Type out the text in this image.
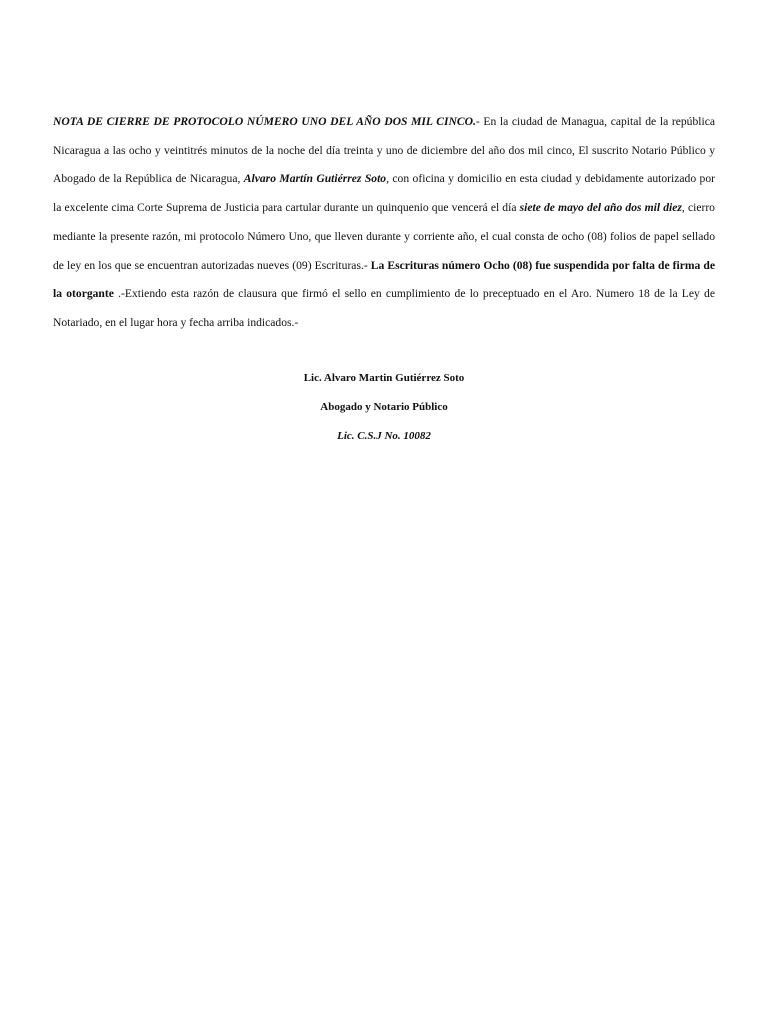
NOTA DE CIERRE DE PROTOCOLO NÚMERO UNO DEL AÑO DOS MIL CINCO.- En la ciudad de Managua, capital de la república Nicaragua a las ocho y veintitrés minutos de la noche del día treinta y uno de diciembre del año dos mil cinco, El suscrito Notario Público y Abogado de la República de Nicaragua, Alvaro Martín Gutiérrez Soto, con oficina y domicilio en esta ciudad y debidamente autorizado por la excelente cima Corte Suprema de Justicia para cartular durante un quinquenio que vencerá el día siete de mayo del año dos mil diez, cierro mediante la presente razón, mi protocolo Número Uno, que lleven durante y corriente año, el cual consta de ocho (08) folios de papel sellado de ley en los que se encuentran autorizadas nueves (09) Escrituras.- La Escrituras número Ocho (08) fue suspendida por falta de firma de la otorgante .-Extiendo esta razón de clausura que firmó el sello en cumplimiento de lo preceptuado en el Aro. Numero 18 de la Ley de Notariado, en el lugar hora y fecha arriba indicados.-

Lic. Alvaro Martin Gutiérrez Soto
Abogado y Notario Público
Lic. C.S.J No. 10082
